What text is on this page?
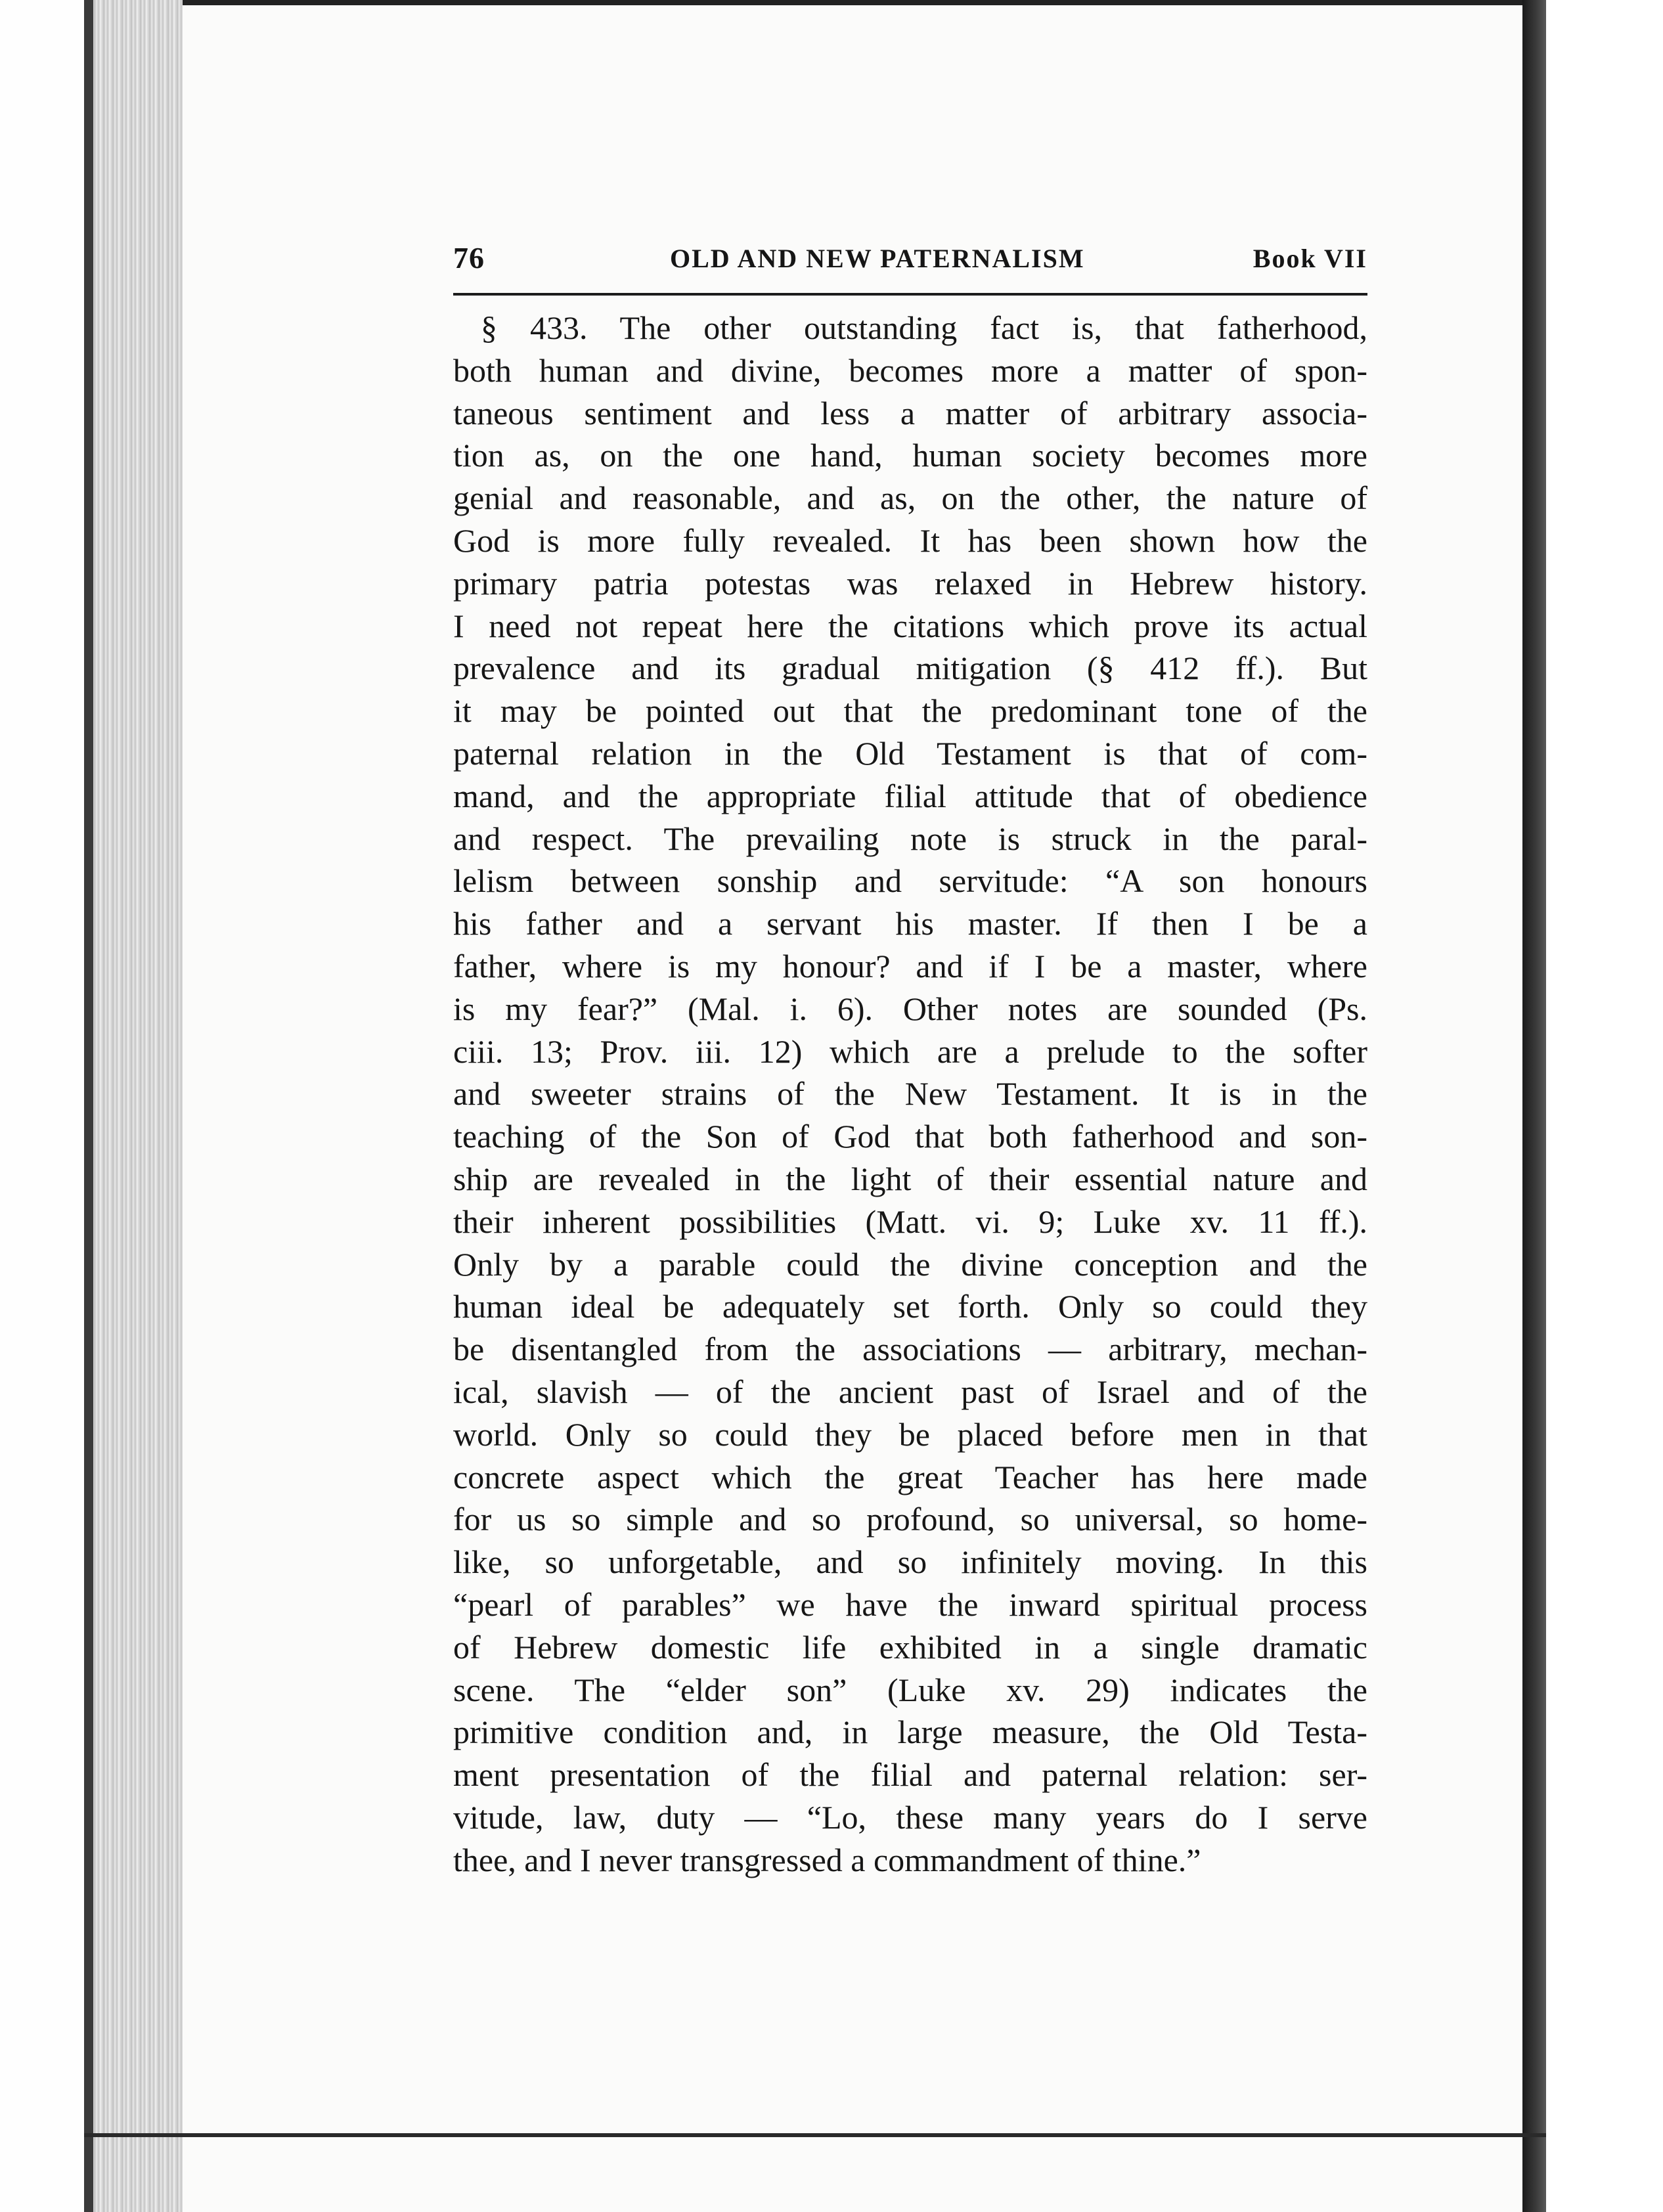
76	OLD AND NEW PATERNALISM	Book VII
§ 433. The other outstanding fact is, that fatherhood,
both human and divine, becomes more a matter of spon-
taneous sentiment and less a matter of arbitrary associa-
tion as, on the one hand, human society becomes more
genial and reasonable, and as, on the other, the nature of
God is more fully revealed. It has been shown how the
primary patria potestas was relaxed in Hebrew history.
I need not repeat here the citations which prove its actual
prevalence and its gradual mitigation (§ 412 ff.). But
it may be pointed out that the predominant tone of the
paternal relation in the Old Testament is that of com-
mand, and the appropriate filial attitude that of obedience
and respect. The prevailing note is struck in the paral-
lelism between sonship and servitude: “A son honours
his father and a servant his master. If then I be a
father, where is my honour? and if I be a master, where
is my fear?” (Mal. i. 6). Other notes are sounded (Ps.
ciii. 13; Prov. iii. 12) which are a prelude to the softer
and sweeter strains of the New Testament. It is in the
teaching of the Son of God that both fatherhood and son-
ship are revealed in the light of their essential nature and
their inherent possibilities (Matt. vi. 9; Luke xv. 11 ff.).
Only by a parable could the divine conception and the
human ideal be adequately set forth. Only so could they
be disentangled from the associations — arbitrary, mechan-
ical, slavish — of the ancient past of Israel and of the
world. Only so could they be placed before men in that
concrete aspect which the great Teacher has here made
for us so simple and so profound, so universal, so home-
like, so unforgetable, and so infinitely moving. In this
“pearl of parables” we have the inward spiritual process
of Hebrew domestic life exhibited in a single dramatic
scene. The “elder son” (Luke xv. 29) indicates the
primitive condition and, in large measure, the Old Testa-
ment presentation of the filial and paternal relation: ser-
vitude, law, duty — “Lo, these many years do I serve
thee, and I never transgressed a commandment of thine.”
